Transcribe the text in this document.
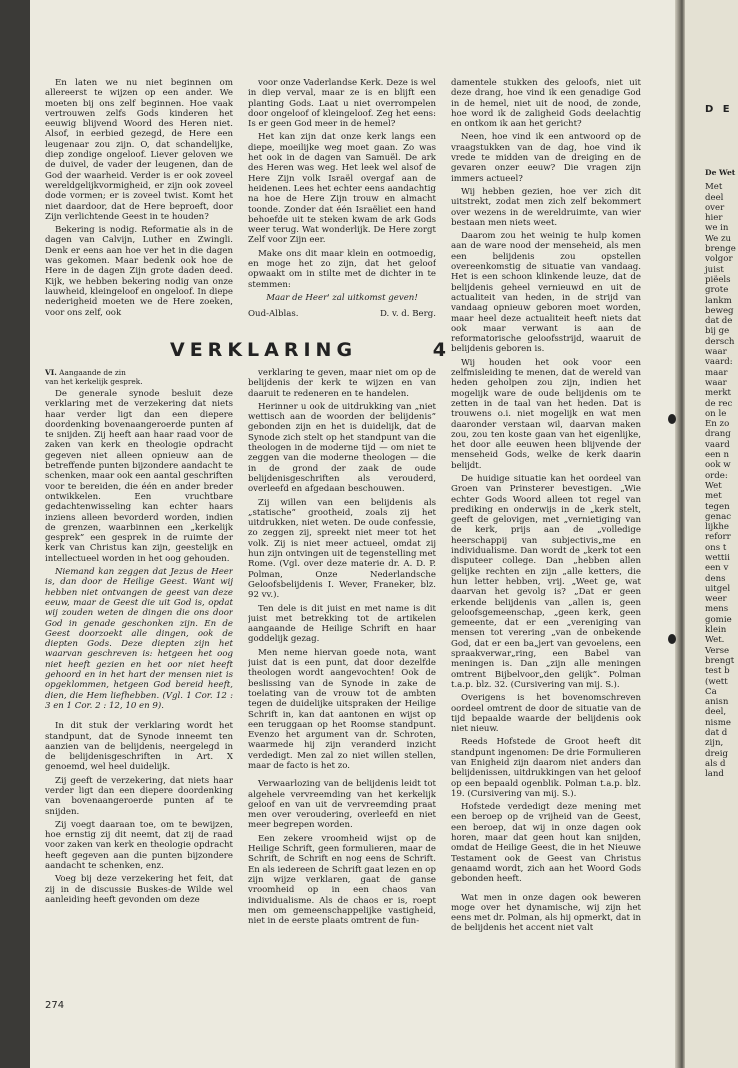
En laten we nu niet beginnen om allereerst te wijzen op een ander. We moeten bij ons zelf beginnen. Hoe vaak vertrouwen zelfs Gods kinderen het eeuwig blijvend Woord des Heren niet. Alsof, in eerbied gezegd, de Here een leugenaar zou zijn. O, dat schandelijke, diep zondige ongeloof. Liever geloven we de duivel, de vader der leugenen, dan de God der waarheid. Verder is er ook zoveel wereldgelijkvormigheid, er zijn ook zoveel dode vormen; er is zoveel twist. Komt het niet daardoor, dat de Here beproeft, door Zijn verlichtende Geest in te houden?

Bekering is nodig. Reformatie als in de dagen van Calvijn, Luther en Zwingli. Denk er eens aan hoe ver het in die dagen was gekomen. Maar bedenk ook hoe de Here in de dagen Zijn grote daden deed. Kijk, we hebben bekering nodig van onze lauwheid, kleingeloof en ongeloof. In diepe nederigheid moeten we de Here zoeken, voor ons zelf, ook

voor onze Vaderlandse Kerk. Deze is wel in diep verval, maar ze is en blijft een planting Gods. Laat u niet overrompelen door ongeloof of kleingeloof. Zeg het eens: Is er geen God meer in de hemel?

Het kan zijn dat onze kerk langs een diepe, moeilijke weg moet gaan. Zo was het ook in de dagen van Samuël. De ark des Heren was weg. Het leek wel alsof de Here Zijn volk Israël overgaf aan de heidenen. Lees het echter eens aandachtig na hoe de Here Zijn trouw en almacht toonde. Zonder dat één Israëliet een hand behoefde uit te steken kwam de ark Gods weer terug. Wat wonderlijk. De Here zorgt Zelf voor Zijn eer.

Make ons dit maar klein en ootmoedig, en moge het zo zijn, dat het geloof opwaakt om in stilte met de dichter in te stemmen:

Maar de Heer' zal uitkomst geven!

Oud-Alblas.	D. v. d. Berg.
VERKLARING	4

VI. Aangaande de zin
van het kerkelijk gesprek.

De generale synode besluit deze verklaring met de verzekering dat niets haar verder ligt dan een diepere doordenking bovenaangeroerde punten af te snijden. Zij heeft aan haar raad voor de zaken van kerk en theologie opdracht gegeven niet alleen opnieuw aan de betreffende punten bijzondere aandacht te schenken, maar ook een aantal geschriften voor te bereiden, die één en ander breder ontwikkelen. Een vruchtbare gedachtenwisseling kan echter haars inziens alleen bevorderd worden, indien de grenzen, waarbinnen een „kerkelijk gesprek” een gesprek in de ruimte der kerk van Christus kan zijn, geestelijk en intellectueel worden in het oog gehouden.

Niemand kan zeggen dat Jezus de Heer is, dan door de Heilige Geest. Want wij hebben niet ontvangen de geest van deze eeuw, maar de Geest die uit God is, opdat wij zouden weten de dingen die ons door God in genade geschonken zijn. En de Geest doorzoekt alle dingen, ook de diepten Gods. Deze diepten zijn het waarvan geschreven is: hetgeen het oog niet heeft gezien en het oor niet heeft gehoord en in het hart der mensen niet is opgeklommen, hetgeen God bereid heeft, dien, die Hem liefhebben. (Vgl. 1 Cor. 12 : 3 en 1 Cor. 2 : 12, 10 en 9).

In dit stuk der verklaring wordt het standpunt, dat de Synode inneemt ten aanzien van de belijdenis, neergelegd in de belijdenisgeschriften in Art. X genoemd, wel heel duidelijk.

Zij geeft de verzekering, dat niets haar verder ligt dan een diepere doordenking van bovenaangeroerde punten af te snijden.

Zij voegt daaraan toe, om te bewijzen, hoe ernstig zij dit neemt, dat zij de raad voor zaken van kerk en theologie opdracht heeft gegeven aan die punten bijzondere aandacht te schenken, enz.

Voeg bij deze verzekering het feit, dat zij in de discussie Buskes-de Wilde wel aanleiding heeft gevonden om deze

verklaring te geven, maar niet om op de belijdenis der kerk te wijzen en van daaruit te redeneren en te handelen.

Herinner u ook de uitdrukking van „niet wettisch aan de woorden der belijdenis” gebonden zijn en het is duidelijk, dat de Synode zich stelt op het standpunt van die theologen in de moderne tijd — om niet te zeggen van die moderne theologen — die in de grond der zaak de oude belijdenisgeschriften als verouderd, overleefd en afgedaan beschouwen.

Zij willen van een belijdenis als „statische” grootheid, zoals zij het uitdrukken, niet weten. De oude confessie, zo zeggen zij, spreekt niet meer tot het volk. Zij is niet meer actueel, omdat zij hun zijn ontvingen uit de tegenstelling met Rome. (Vgl. over deze materie dr. A. D. P. Polman, Onze Nederlandsche Geloofsbelijdenis I. Wever, Franeker, blz. 92 vv.).

Ten dele is dit juist en met name is dit juist met betrekking tot de artikelen aangaande de Heilige Schrift en haar goddelijk gezag.

Men neme hiervan goede nota, want juist dat is een punt, dat door dezelfde theologen wordt aangevochten! Ook de beslissing van de Synode in zake de toelating van de vrouw tot de ambten tegen de duidelijke uitspraken der Heilige Schrift in, kan dat aantonen en wijst op een teruggaan op het Roomse standpunt. Evenzo het argument van dr. Schroten, waarmede hij zijn veranderd inzicht verdedigt. Men zal zo niet willen stellen, maar de facto is het zo.

Verwaarlozing van de belijdenis leidt tot algehele vervreemding van het kerkelijk geloof en van uit de vervreemding praat men over veroudering, overleefd en niet meer begrepen worden.

Een zekere vroomheid wijst op de Heilige Schrift, geen formulieren, maar de Schrift, de Schrift en nog eens de Schrift. En als iedereen de Schrift gaat lezen en op zijn wijze verklaren, gaat de ganse vroomheid op in een chaos van individualisme. Als de chaos er is, roept men om gemeenschappelijke vastigheid, niet in de eerste plaats omtrent de fun-

damentele stukken des geloofs, niet uit deze drang, hoe vind ik een genadige God in de hemel, niet uit de nood, de zonde, hoe word ik de zaligheid Gods deelachtig en ontkom ik aan het gericht?

Neen, hoe vind ik een antwoord op de vraagstukken van de dag, hoe vind ik vrede te midden van de dreiging en de gevaren onzer eeuw? Die vragen zijn immers actueel?

Wij hebben gezien, hoe ver zich dit uitstrekt, zodat men zich zelf bekommert over wezens in de wereldruimte, van wier bestaan men niets weet.

Daarom zou het weinig te hulp komen aan de ware nood der menseheid, als men een belijdenis zou opstellen overeenkomstig de situatie van vandaag. Het is een schoon klinkende leuze, dat de belijdenis geheel vernieuwd en uit de actualiteit van heden, in de strijd van vandaag opnieuw geboren moet worden, maar heel deze actualiteit heeft niets dat ook maar verwant is aan de reformatorische geloofsstrijd, waaruit de belijdenis geboren is.

Wij houden het ook voor een zelfmisleiding te menen, dat de wereld van heden geholpen zou zijn, indien het mogelijk ware de oude belijdenis om te zetten in de taal van het heden. Dat is trouwens o.i. niet mogelijk en wat men daaronder verstaan wil, daarvan maken zou, zou ten koste gaan van het eigenlijke, het door alle eeuwen heen blijvende der menseheid Gods, welke de kerk daarin belijdt.

De huidige situatie kan het oordeel van Groen van Prinsterer bevestigen. „Wie echter Gods Woord alleen tot regel van prediking en onderwijs in de „kerk stelt, geeft de gelovigen, met „vernietiging van de kerk, prijs aan de „volledige heerschappij van subjectivis„me en individualisme. Dan wordt de „kerk tot een disputeer college. Dan „hebben allen gelijke rechten en zijn „alle ketters, die hun letter hebben, vrij. „Weet ge, wat daarvan het gevolg is? „Dat er geen erkende belijdenis van „allen is, geen geloofsgemeenschap, „geen kerk, geen gemeente, dat er een „vereniging van mensen tot verering „van de onbekende God, dat er een ba„jert van gevoelens, een spraakverwar„ring, een Babel van meningen is. Dan „zijn alle meningen omtrent Bijbelvoor„den gelijk”. Polman t.a.p. blz. 32. (Cursivering van mij. S.).

Overigens is het bovenomschreven oordeel omtrent de door de situatie van de tijd bepaalde waarde der belijdenis ook niet nieuw.

Reeds Hofstede de Groot heeft dit standpunt ingenomen: De drie Formulieren van Enigheid zijn daarom niet anders dan belijdenissen, uitdrukkingen van het geloof op een bepaald ogenblik. Polman t.a.p. blz. 19. (Cursivering van mij. S.).

Hofstede verdedigt deze mening met een beroep op de vrijheid van de Geest, een beroep, dat wij in onze dagen ook horen, maar dat geen hout kan snijden, omdat de Heilige Geest, die in het Nieuwe Testament ook de Geest van Christus genaamd wordt, zich aan het Woord Gods gebonden heeft.

Wat men in onze dagen ook beweren moge over het dynamische, wij zijn het eens met dr. Polman, als hij opmerkt, dat in de belijdenis het accent niet valt

274
D E
De Wet
Met
deel
over
hier
we in
We zu
brenge
volgor
juist
piëels
grote
lankm
beweg
dat de
bij ge
dersch
waar
vaard:
maar
waar
merkt
de rec
on le
En zo
drang
vaard
een n
ook w
orde:
Wet
met
tegen
genac
lijkhe
reforr
ons t
wettii
een v
dens
uitgel
weer
mens
gomie
klein
Wet.
Verse
brengt
test b
(wett
Ca
anisn
deel,
nisme
dat d
zijn,
dreig
als d
land
